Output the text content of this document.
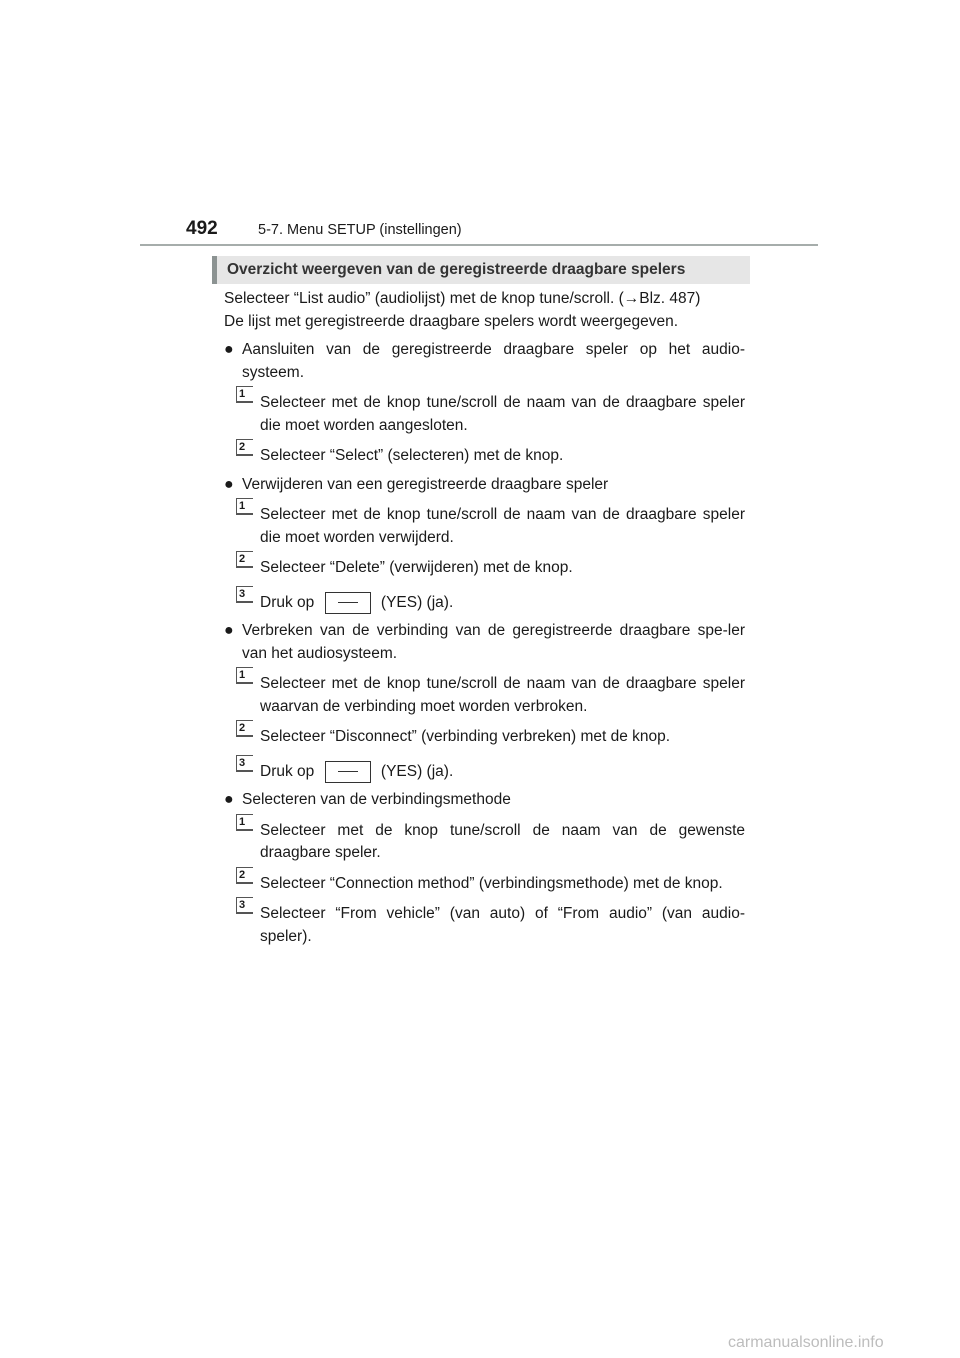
492	5-7. Menu SETUP (instellingen)
Overzicht weergeven van de geregistreerde draagbare spelers

Selecteer “List audio” (audiolijst) met de knop tune/scroll. (→Blz. 487)

De lijst met geregistreerde draagbare spelers wordt weergegeven.

● Aansluiten van de geregistreerde draagbare speler op het audio-systeem.
1 Selecteer met de knop tune/scroll de naam van de draagbare speler die moet worden aangesloten.
2 Selecteer “Select” (selecteren) met de knop.
● Verwijderen van een geregistreerde draagbare speler
1 Selecteer met de knop tune/scroll de naam van de draagbare speler die moet worden verwijderd.
2 Selecteer “Delete” (verwijderen) met de knop.
3
Druk op	(YES) (ja).
● Verbreken van de verbinding van de geregistreerde draagbare spe-ler van het audiosysteem.
1 Selecteer met de knop tune/scroll de naam van de draagbare speler waarvan de verbinding moet worden verbroken.
2 Selecteer “Disconnect” (verbinding verbreken) met de knop.
3
Druk op	(YES) (ja).
● Selecteren van de verbindingsmethode
1 Selecteer met de knop tune/scroll de naam van de gewenste draagbare speler.
2 Selecteer “Connection method” (verbindingsmethode) met de knop.
3 Selecteer “From vehicle” (van auto) of “From audio” (van audio-speler).
carmanualsonline.info
